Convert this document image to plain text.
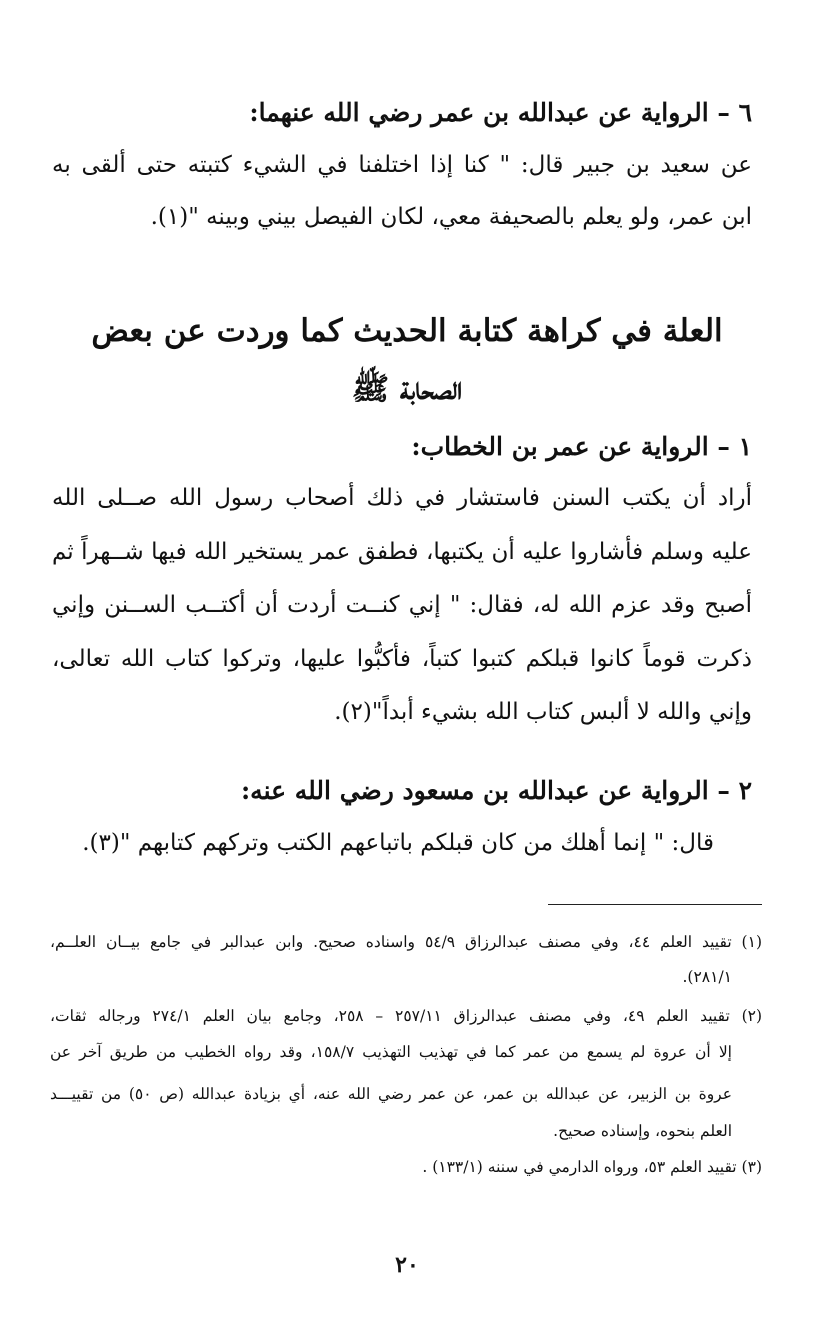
٦ – الرواية عن عبدالله بن عمر رضي الله عنهما:
عن سعيد بن جبير قال: " كنا إذا اختلفنا في الشيء كتبته حتى ألقى به
ابن عمر، ولو يعلم بالصحيفة معي، لكان الفيصل بيني وبينه "(١).
العلة في كراهة كتابة الحديث كما وردت عن بعض
الصحابة ﷺ
١ – الرواية عن عمر بن الخطاب:
أراد أن يكتب السنن فاستشار في ذلك أصحاب رسول الله صــلى الله
عليه وسلم فأشاروا عليه أن يكتبها، فطفق عمر يستخير الله فيها شــهراً ثم
أصبح وقد عزم الله له، فقال: " إني كنــت أردت أن أكتــب الســنن وإني
ذكرت قوماً كانوا قبلكم كتبوا كتباً، فأكبُّوا عليها، وتركوا كتاب الله تعالى،
وإني والله لا ألبس كتاب الله بشيء أبداً"(٢).
٢ – الرواية عن عبدالله بن مسعود رضي الله عنه:
قال: " إنما أهلك من كان قبلكم باتباعهم الكتب وتركهم كتابهم "(٣).
(١) تقييد العلم ٤٤، وفي مصنف عبدالرزاق ٥٤/٩ واسناده صحيح. وابن عبدالبر في جامع بيــان العلــم،
٢٨١/١).
(٢) تقييد العلم ٤٩، وفي مصنف عبدالرزاق ٢٥٧/١١ – ٢٥٨، وجامع بيان العلم ٢٧٤/١ ورجاله ثقات،
إلا أن عروة لم يسمع من عمر كما في تهذيب التهذيب ١٥٨/٧، وقد رواه الخطيب من طريق آخر عن
عروة بن الزبير، عن عبدالله بن عمر، عن عمر رضي الله عنه، أي بزيادة عبدالله (ص ٥٠) من تقييـــد
العلم بنحوه، وإسناده صحيح.
(٣) تقييد العلم ٥٣، ورواه الدارمي في سننه (١٣٣/١) .
٢٠
